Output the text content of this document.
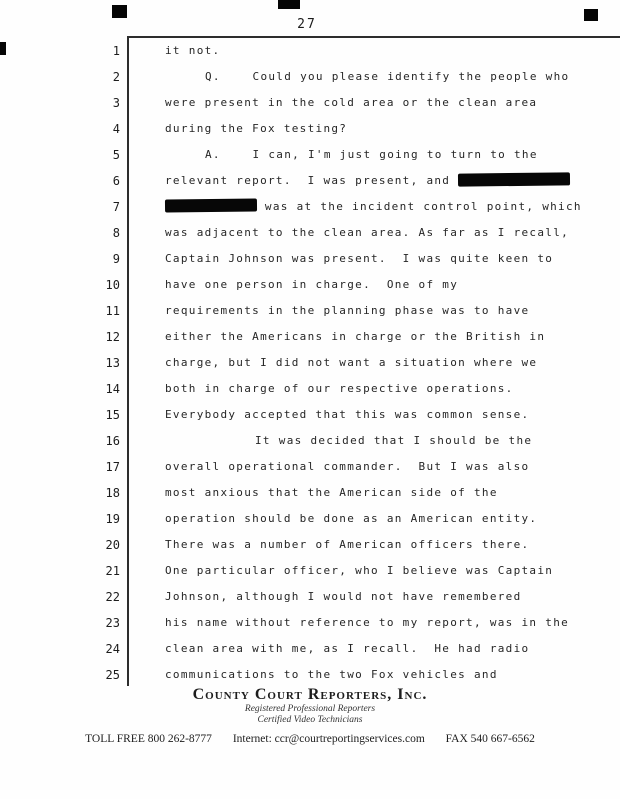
27
1	it not.
2	Q.    Could you please identify the people who
3	were present in the cold area or the clean area
4	during the Fox testing?
5	A.    I can, I'm just going to turn to the
6	relevant report.  I was present, and
7	was at the incident control point, which
8	was adjacent to the clean area. As far as I recall,
9	Captain Johnson was present.  I was quite keen to
10	have one person in charge.  One of my
11	requirements in the planning phase was to have
12	either the Americans in charge or the British in
13	charge, but I did not want a situation where we
14	both in charge of our respective operations.
15	Everybody accepted that this was common sense.
16	It was decided that I should be the
17	overall operational commander.  But I was also
18	most anxious that the American side of the
19	operation should be done as an American entity.
20	There was a number of American officers there.
21	One particular officer, who I believe was Captain
22	Johnson, although I would not have remembered
23	his name without reference to my report, was in the
24	clean area with me, as I recall.  He had radio
25	communications to the two Fox vehicles and
County Court Reporters, Inc.
Registered Professional Reporters
Certified Video Technicians
TOLL FREE 800 262-8777 Internet: ccr@courtreportingservices.com FAX 540 667-6562
